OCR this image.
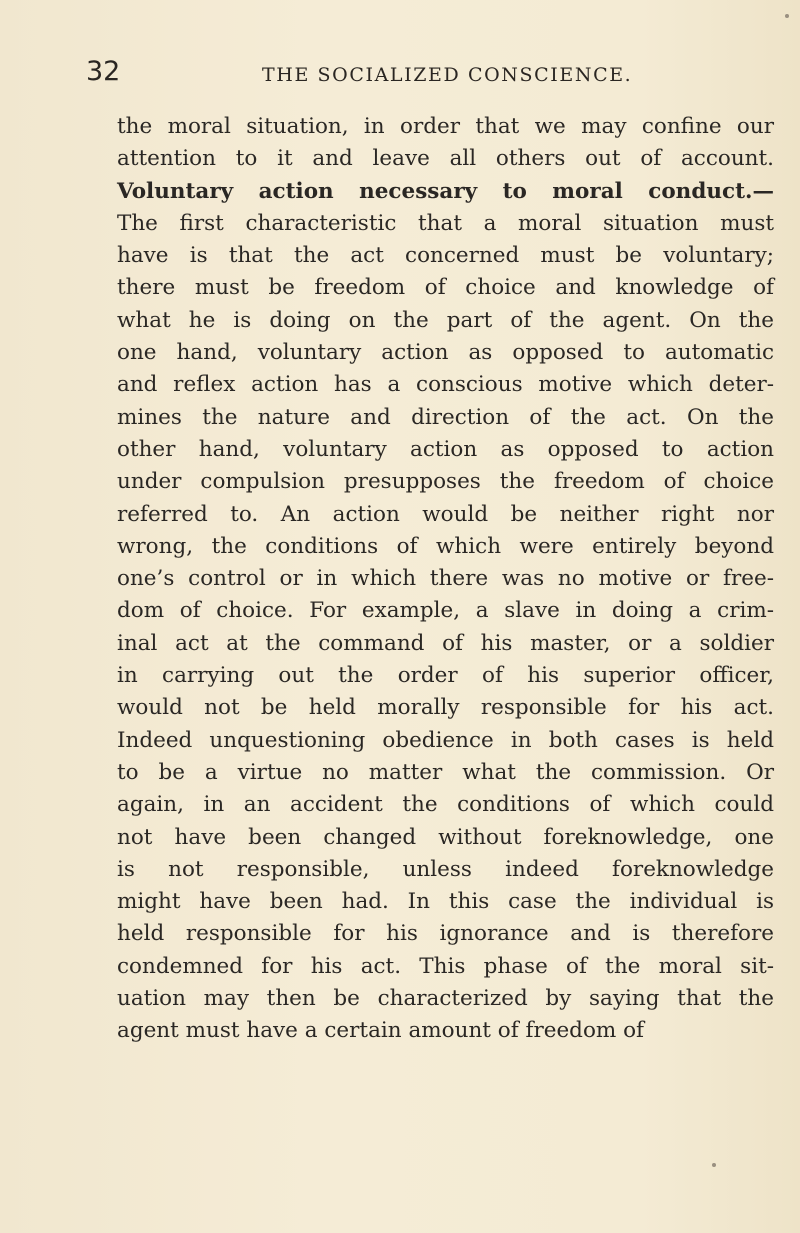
32	THE SOCIALIZED CONSCIENCE.
the moral situation, in order that we may confine our
attention to it and leave all others out of account.
Voluntary action necessary to moral conduct.—
The first characteristic that a moral situation must
have is that the act concerned must be voluntary;
there must be freedom of choice and knowledge of
what he is doing on the part of the agent. On the
one hand, voluntary action as opposed to automatic
and reflex action has a conscious motive which deter-
mines the nature and direction of the act. On the
other hand, voluntary action as opposed to action
under compulsion presupposes the freedom of choice
referred to. An action would be neither right nor
wrong, the conditions of which were entirely beyond
one’s control or in which there was no motive or free-
dom of choice. For example, a slave in doing a crim-
inal act at the command of his master, or a soldier
in carrying out the order of his superior officer,
would not be held morally responsible for his act.
Indeed unquestioning obedience in both cases is held
to be a virtue no matter what the commission. Or
again, in an accident the conditions of which could
not have been changed without foreknowledge, one
is not responsible, unless indeed foreknowledge
might have been had. In this case the individual is
held responsible for his ignorance and is therefore
condemned for his act. This phase of the moral sit-
uation may then be characterized by saying that the
agent must have a certain amount of freedom of
